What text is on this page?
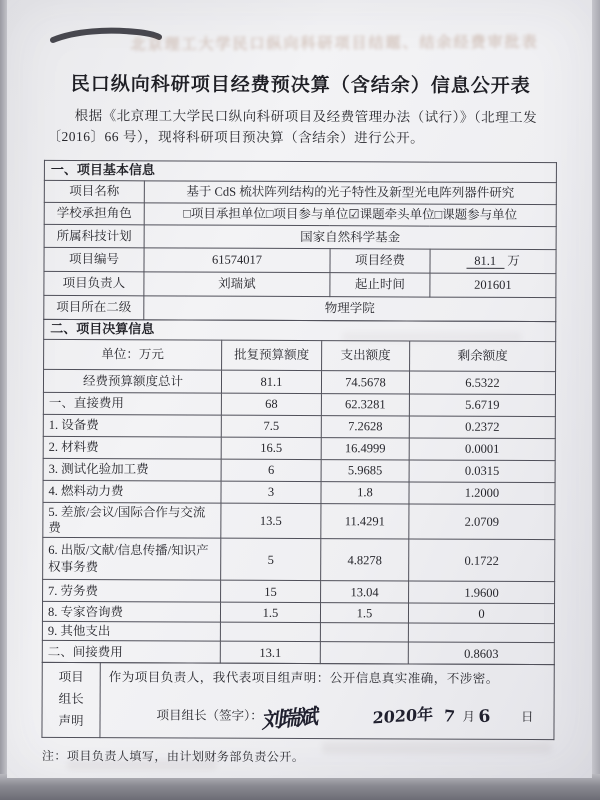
北京理工大学民口纵向科研项目结题、结余经费审批表
民口纵向科研项目经费预决算（含结余）信息公开表

根据《北京理工大学民口纵向科研项目及经费管理办法（试行）》（北理工发〔2016〕66 号），现将科研项目预决算（含结余）进行公开。

一、项目基本信息			
项目名称	基于 CdS 梳状阵列结构的光子特性及新型光电阵列器件研究		
学校承担角色	□项目承担单位□项目参与单位☑课题牵头单位□课题参与单位		
所属科技计划	国家自然科学基金		
项目编号	61574017	项目经费	81.1 万
项目负责人	刘瑞斌	起止时间	201601
项目所在二级	物理学院		
二、项目决算信息			
单位：万元	批复预算额度	支出额度	剩余额度
经费预算额度总计	81.1	74.5678	6.5322
一、直接费用	68	62.3281	5.6719
1. 设备费	7.5	7.2628	0.2372
2. 材料费	16.5	16.4999	0.0001
3. 测试化验加工费	6	5.9685	0.0315
4. 燃料动力费	3	1.8	1.2000
5. 差旅/会议/国际合作与交流费	13.5	11.4291	2.0709
6. 出版/文献/信息传播/知识产权事务费	5	4.8278	0.1722
7. 劳务费	15	13.04	1.9600
8. 专家咨询费	1.5	1.5	0
9. 其他支出			
二、间接费用	13.1		0.8603
项目
组长
声明

作为项目负责人，我代表项目组声明：公开信息真实准确，不涉密。
项目组长（签字）：
刘瑞斌	2020年 7 月 6 日

注：项目负责人填写，由计划财务部负责公开。
